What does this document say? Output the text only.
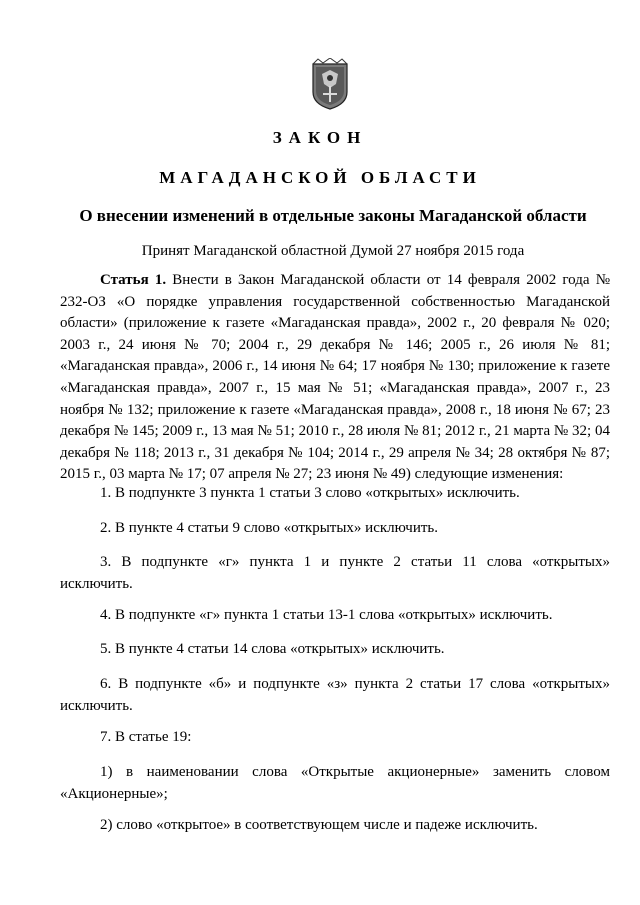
ЗАКОН
МАГАДАНСКОЙ ОБЛАСТИ
О внесении изменений в отдельные законы Магаданской области
Принят Магаданской областной Думой 27 ноября 2015 года
Статья 1. Внести в Закон Магаданской области от 14 февраля 2002 года № 232-ОЗ «О порядке управления государственной собственностью Магаданской области» (приложение к газете «Магаданская правда», 2002 г., 20 февраля № 020; 2003 г., 24 июня № 70; 2004 г., 29 декабря № 146; 2005 г., 26 июля № 81; «Магаданская правда», 2006 г., 14 июня № 64; 17 ноября № 130; приложение к газете «Магаданская правда», 2007 г., 15 мая № 51; «Магаданская правда», 2007 г., 23 ноября № 132; приложение к газете «Магаданская правда», 2008 г., 18 июня № 67; 23 декабря № 145; 2009 г., 13 мая № 51; 2010 г., 28 июля № 81; 2012 г., 21 марта № 32; 04 декабря № 118; 2013 г., 31 декабря № 104; 2014 г., 29 апреля № 34; 28 октября № 87; 2015 г., 03 марта № 17; 07 апреля № 27; 23 июня № 49) следующие изменения:
1. В подпункте 3 пункта 1 статьи 3 слово «открытых» исключить.
2. В пункте 4 статьи 9 слово «открытых» исключить.
3. В подпункте «г» пункта 1 и пункте 2 статьи 11 слова «открытых» исключить.
4. В подпункте «г» пункта 1 статьи 13-1 слова «открытых» исключить.
5. В пункте 4 статьи 14 слова «открытых» исключить.
6. В подпункте «б» и подпункте «з» пункта 2 статьи 17 слова «открытых» исключить.
7. В статье 19:
1) в наименовании слова «Открытые акционерные» заменить словом «Акционерные»;
2) слово «открытое» в соответствующем числе и падеже исключить.
